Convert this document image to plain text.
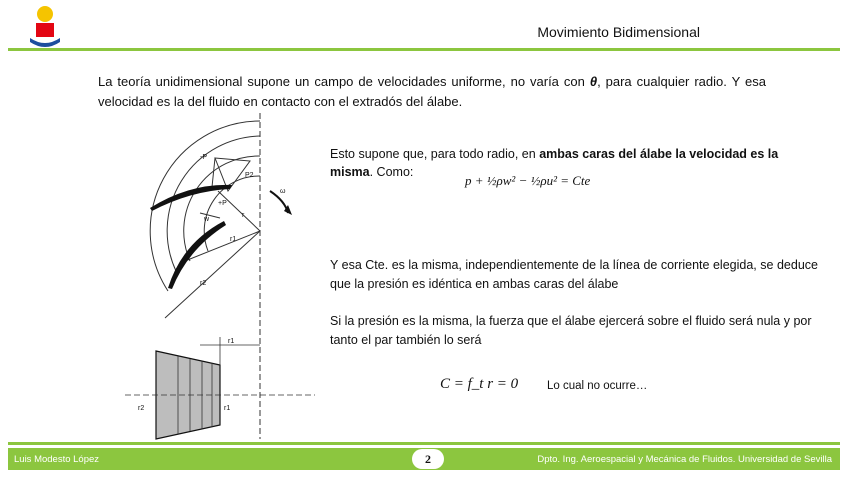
Movimiento Bidimensional
La teoría unidimensional supone un campo de velocidades uniforme, no varía con θ, para cualquier radio. Y esa velocidad es la del fluido en contacto con el extradós del álabe.
-P
+P
P2
w
r
r1
r2
ω
r1
r2	r1
Esto supone que, para todo radio, en ambas caras del álabe la velocidad es la misma. Como:
p + ½ρw² − ½ρu² = Cte
Y esa Cte. es la misma, independientemente de la línea de corriente elegida, se deduce que la presión es idéntica en ambas caras del álabe
Si la presión es la misma, la fuerza que el álabe ejercerá sobre el fluido será nula y por tanto el par también lo será
C = f_t r = 0	Lo cual no ocurre…
Luis Modesto López	2	Dpto. Ing. Aeroespacial y Mecánica de Fluidos. Universidad de Sevilla
